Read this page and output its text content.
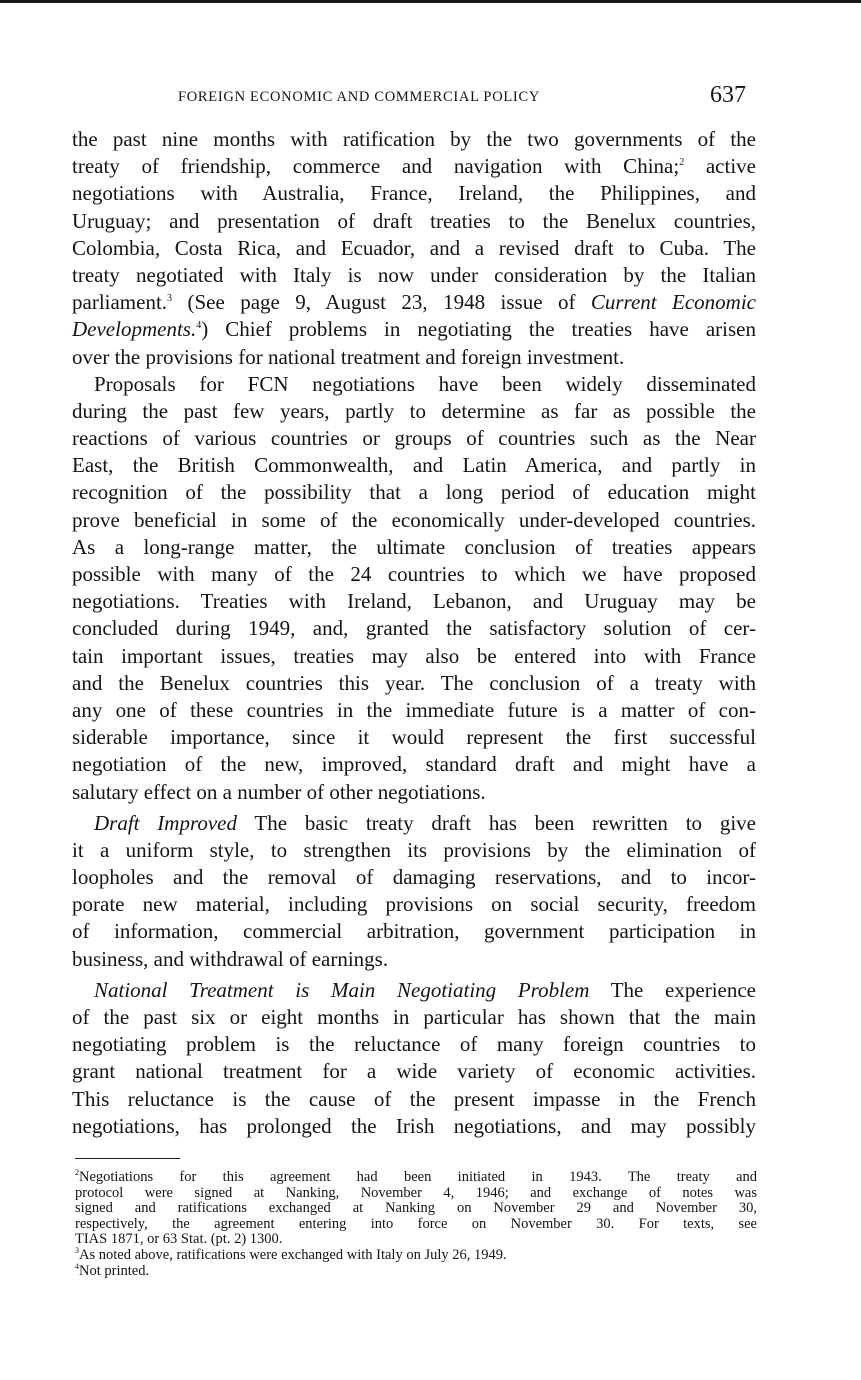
FOREIGN ECONOMIC AND COMMERCIAL POLICY	637
the past nine months with ratification by the two governments of the
treaty of friendship, commerce and navigation with China;$^2$ active
negotiations with Australia, France, Ireland, the Philippines, and
Uruguay; and presentation of draft treaties to the Benelux countries,
Colombia, Costa Rica, and Ecuador, and a revised draft to Cuba. The
treaty negotiated with Italy is now under consideration by the Italian
parliament.$^3$ (See page 9, August 23, 1948 issue of Current Economic
Developments.$^4$) Chief problems in negotiating the treaties have arisen
over the provisions for national treatment and foreign investment.
Proposals for FCN negotiations have been widely disseminated
during the past few years, partly to determine as far as possible the
reactions of various countries or groups of countries such as the Near
East, the British Commonwealth, and Latin America, and partly in
recognition of the possibility that a long period of education might
prove beneficial in some of the economically under-developed countries.
As a long-range matter, the ultimate conclusion of treaties appears
possible with many of the 24 countries to which we have proposed
negotiations. Treaties with Ireland, Lebanon, and Uruguay may be
concluded during 1949, and, granted the satisfactory solution of cer-
tain important issues, treaties may also be entered into with France
and the Benelux countries this year. The conclusion of a treaty with
any one of these countries in the immediate future is a matter of con-
siderable importance, since it would represent the first successful
negotiation of the new, improved, standard draft and might have a
salutary effect on a number of other negotiations.
Draft Improved The basic treaty draft has been rewritten to give
it a uniform style, to strengthen its provisions by the elimination of
loopholes and the removal of damaging reservations, and to incor-
porate new material, including provisions on social security, freedom
of information, commercial arbitration, government participation in
business, and withdrawal of earnings.
National Treatment is Main Negotiating Problem The experience
of the past six or eight months in particular has shown that the main
negotiating problem is the reluctance of many foreign countries to
grant national treatment for a wide variety of economic activities.
This reluctance is the cause of the present impasse in the French
negotiations, has prolonged the Irish negotiations, and may possibly
$^2$Negotiations for this agreement had been initiated in 1943. The treaty and
protocol were signed at Nanking, November 4, 1946; and exchange of notes was
signed and ratifications exchanged at Nanking on November 29 and November 30,
respectively, the agreement entering into force on November 30. For texts, see
TIAS 1871, or 63 Stat. (pt. 2) 1300.
$^3$As noted above, ratifications were exchanged with Italy on July 26, 1949.
$^4$Not printed.
